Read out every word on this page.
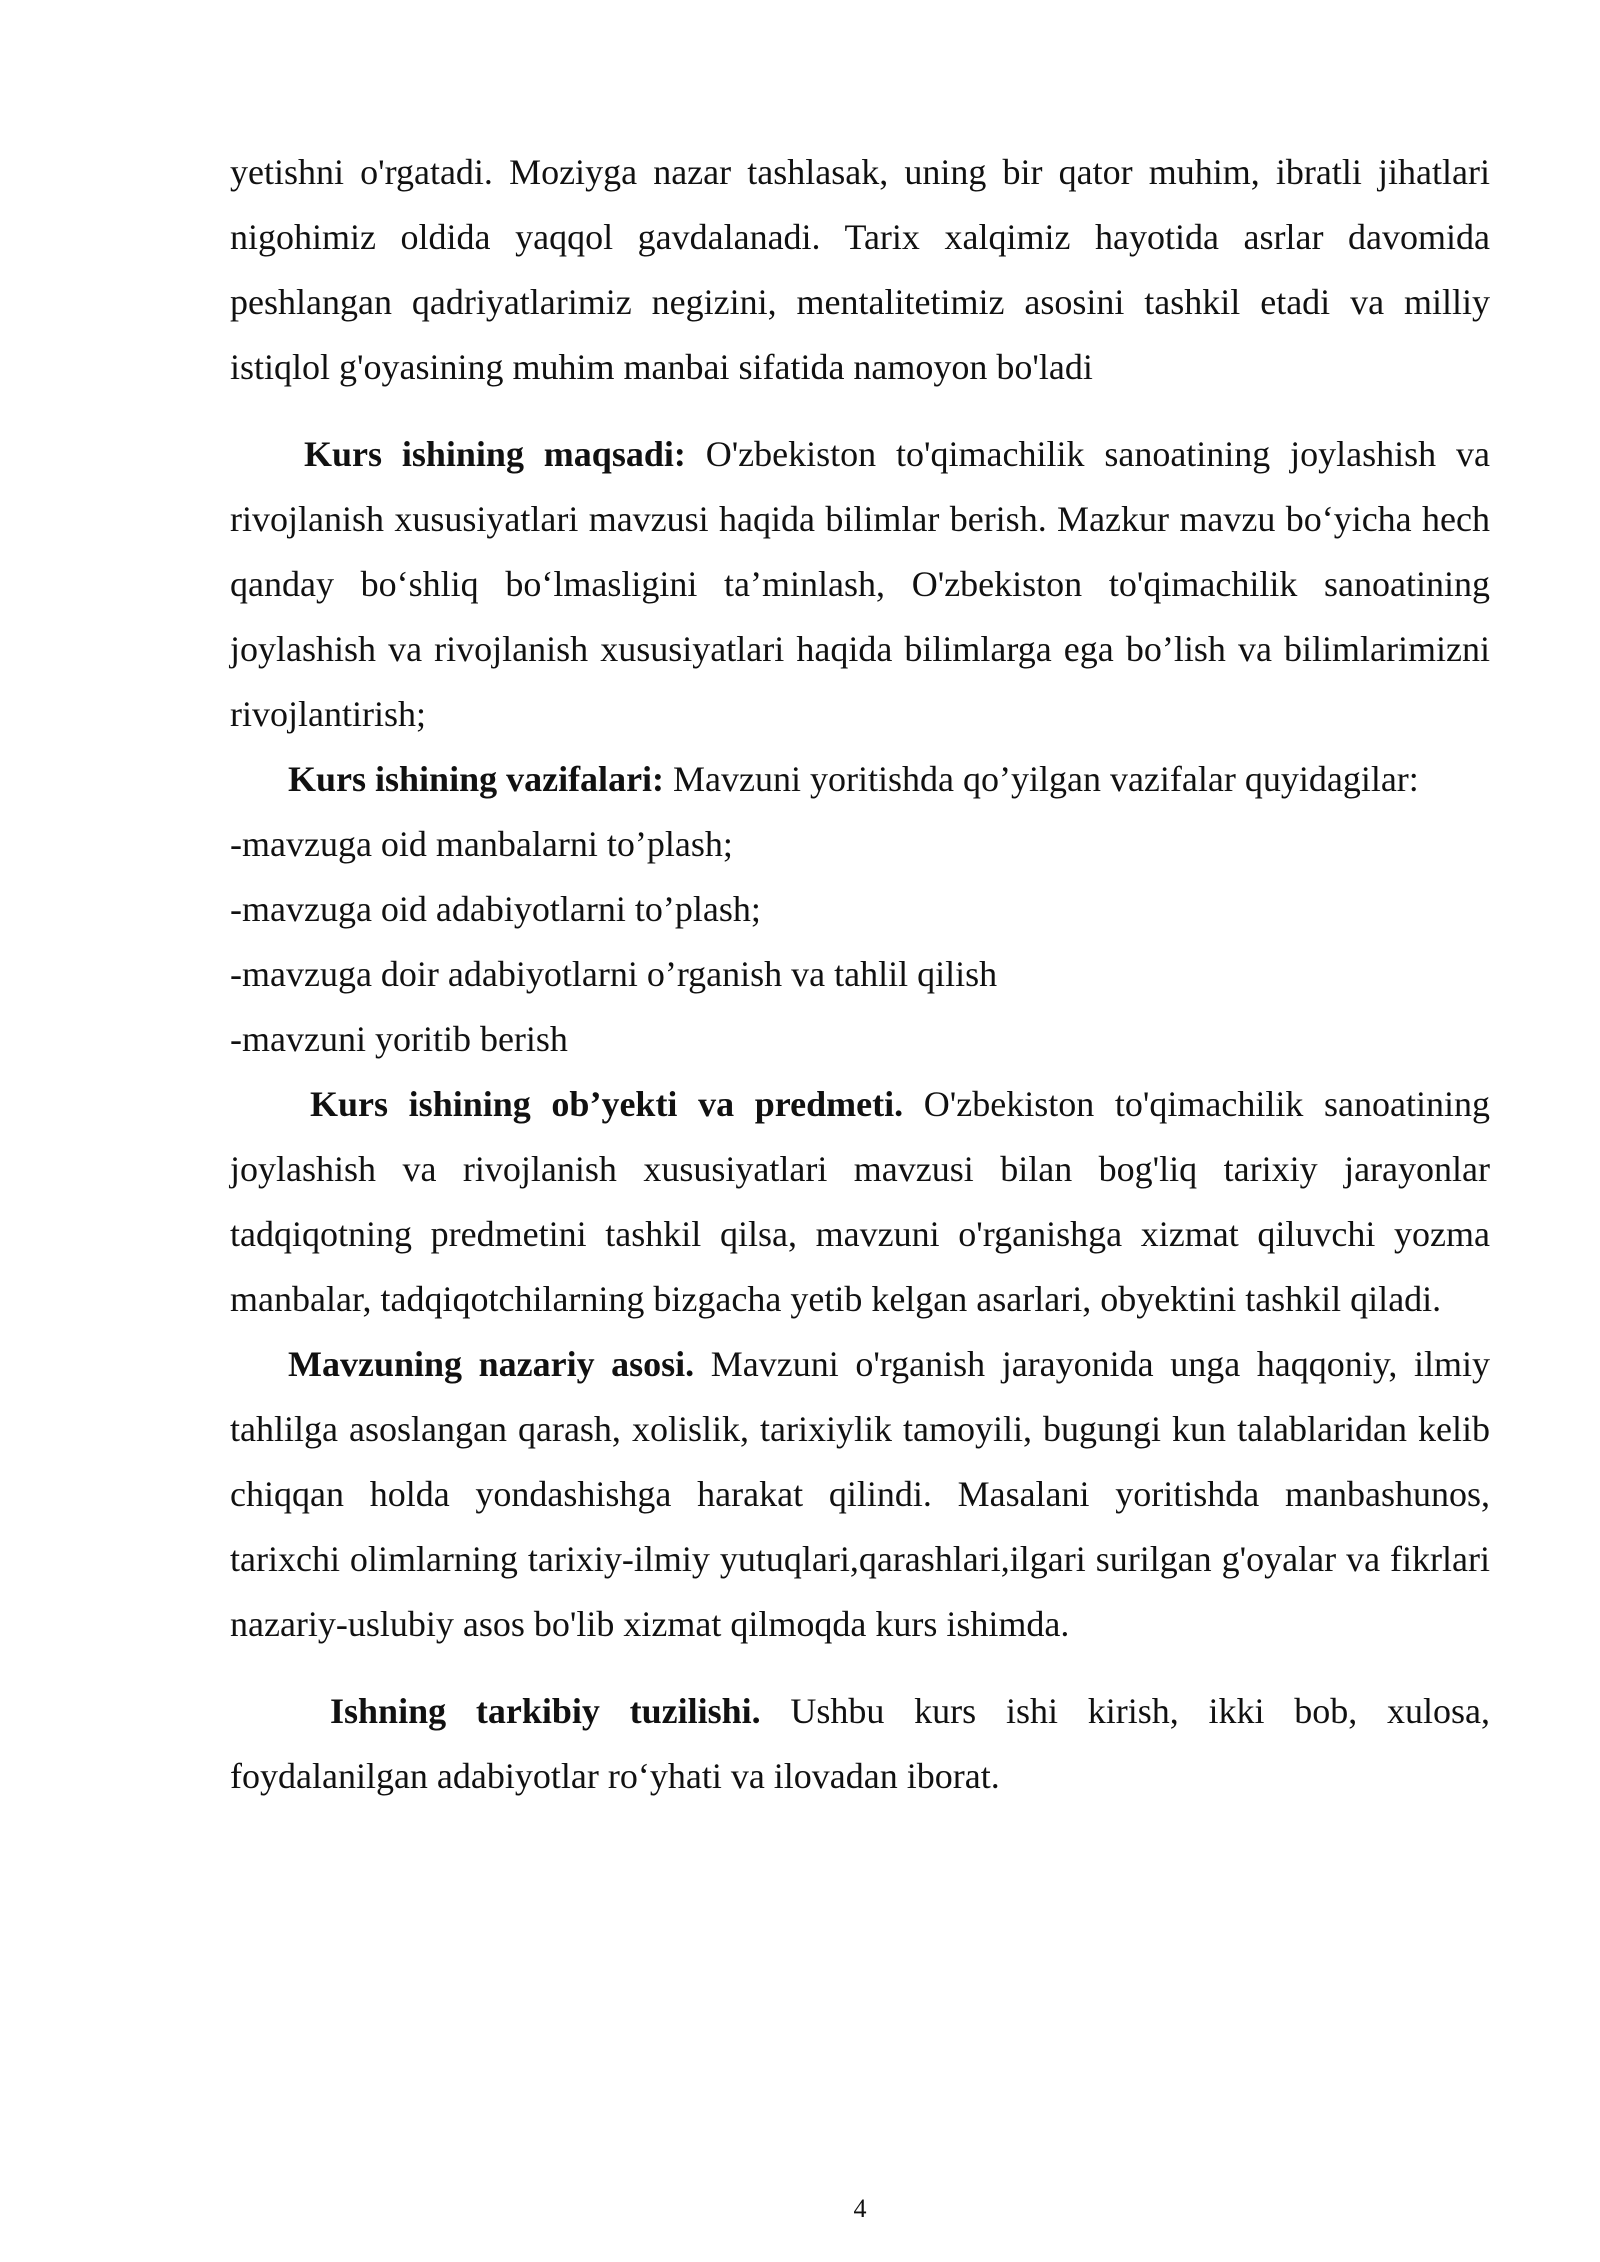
yetishni o'rgatadi. Moziyga nazar tashlasak, uning bir qator muhim, ibratli jihatlari nigohimiz oldida yaqqol gavdalanadi. Tarix xalqimiz hayotida asrlar davomida peshlangan qadriyatlarimiz negizini, mentalitetimiz asosini tashkil etadi va milliy istiqlol g'oyasining muhim manbai sifatida namoyon bo'ladi

Kurs ishining maqsadi: O'zbekiston to'qimachilik sanoatining joylashish va rivojlanish xususiyatlari mavzusi haqida bilimlar berish. Mazkur mavzu bo‘yicha hech qanday bo‘shliq bo‘lmasligini ta’minlash, O'zbekiston to'qimachilik sanoatining joylashish va rivojlanish xususiyatlari haqida bilimlarga ega bo’lish va bilimlarimizni rivojlantirish;

Kurs ishining vazifalari: Mavzuni yoritishda qo’yilgan vazifalar quyidagilar:

-mavzuga oid manbalarni to’plash;

-mavzuga oid adabiyotlarni to’plash;

-mavzuga doir adabiyotlarni o’rganish va tahlil qilish

-mavzuni yoritib berish

Kurs ishining ob’yekti va predmeti. O'zbekiston to'qimachilik sanoatining joylashish va rivojlanish xususiyatlari mavzusi bilan bog'liq tarixiy jarayonlar tadqiqotning predmetini tashkil qilsa, mavzuni o'rganishga xizmat qiluvchi yozma manbalar, tadqiqotchilarning bizgacha yetib kelgan asarlari, obyektini tashkil qiladi.

Mavzuning nazariy asosi. Mavzuni o'rganish jarayonida unga haqqoniy, ilmiy tahlilga asoslangan qarash, xolislik, tarixiylik tamoyili, bugungi kun talablaridan kelib chiqqan holda yondashishga harakat qilindi. Masalani yoritishda manbashunos, tarixchi olimlarning tarixiy-ilmiy yutuqlari,qarashlari,ilgari surilgan g'oyalar va fikrlari nazariy-uslubiy asos bo'lib xizmat qilmoqda kurs ishimda.

Ishning tarkibiy tuzilishi. Ushbu kurs ishi kirish, ikki bob, xulosa, foydalanilgan adabiyotlar ro‘yhati va ilovadan iborat.

4
